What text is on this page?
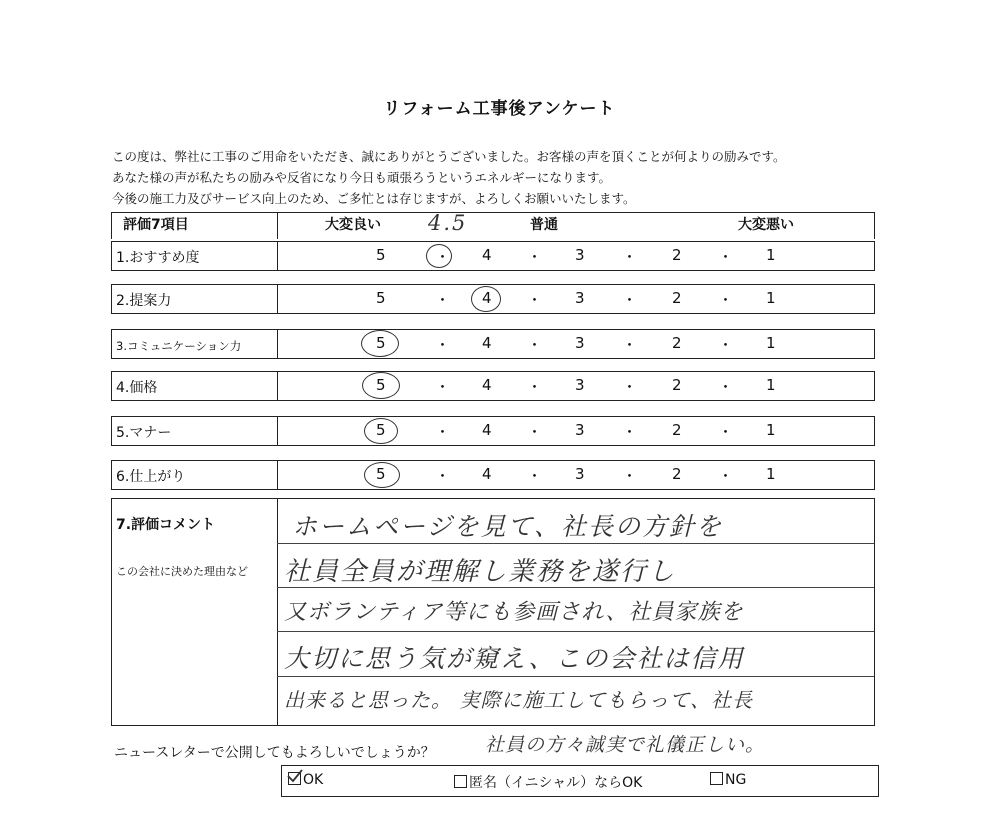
リフォーム工事後アンケート
この度は、弊社に工事のご用命をいただき、誠にありがとうございました。お客様の声を頂くことが何よりの励みです。
あなた様の声が私たちの励みや反省になり今日も頑張ろうというエネルギーになります。
今後の施工力及びサービス向上のため、ご多忙とは存じますが、よろしくお願いいたします。
評価7項目	大変良い	普通	大変悪い
4.5
1.おすすめ度	5	・ 4 ・ 3 ・ 2 ・ 1
2.提案力	5	・ 4 ・ 3 ・ 2 ・ 1
3.コミュニケーション力	5	・ 4 ・ 3 ・ 2 ・ 1
4.価格	5	・ 4 ・ 3 ・ 2 ・ 1
5.マナー	5	・ 4 ・ 3 ・ 2 ・ 1
6.仕上がり	5	・ 4 ・ 3 ・ 2 ・ 1
7.評価コメント
この会社に決めた理由など
ホームページを見て、社長の方針を
社員全員が理解し業務を遂行し
又ボランティア等にも参画され、社員家族を
大切に思う気が窺え、この会社は信用
出来ると思った。 実際に施工してもらって、社長
ニュースレターで公開してもよろしいでしょうか？	社員の方々誠実で礼儀正しい。
OK	匿名（イニシャル）ならOK	NG
